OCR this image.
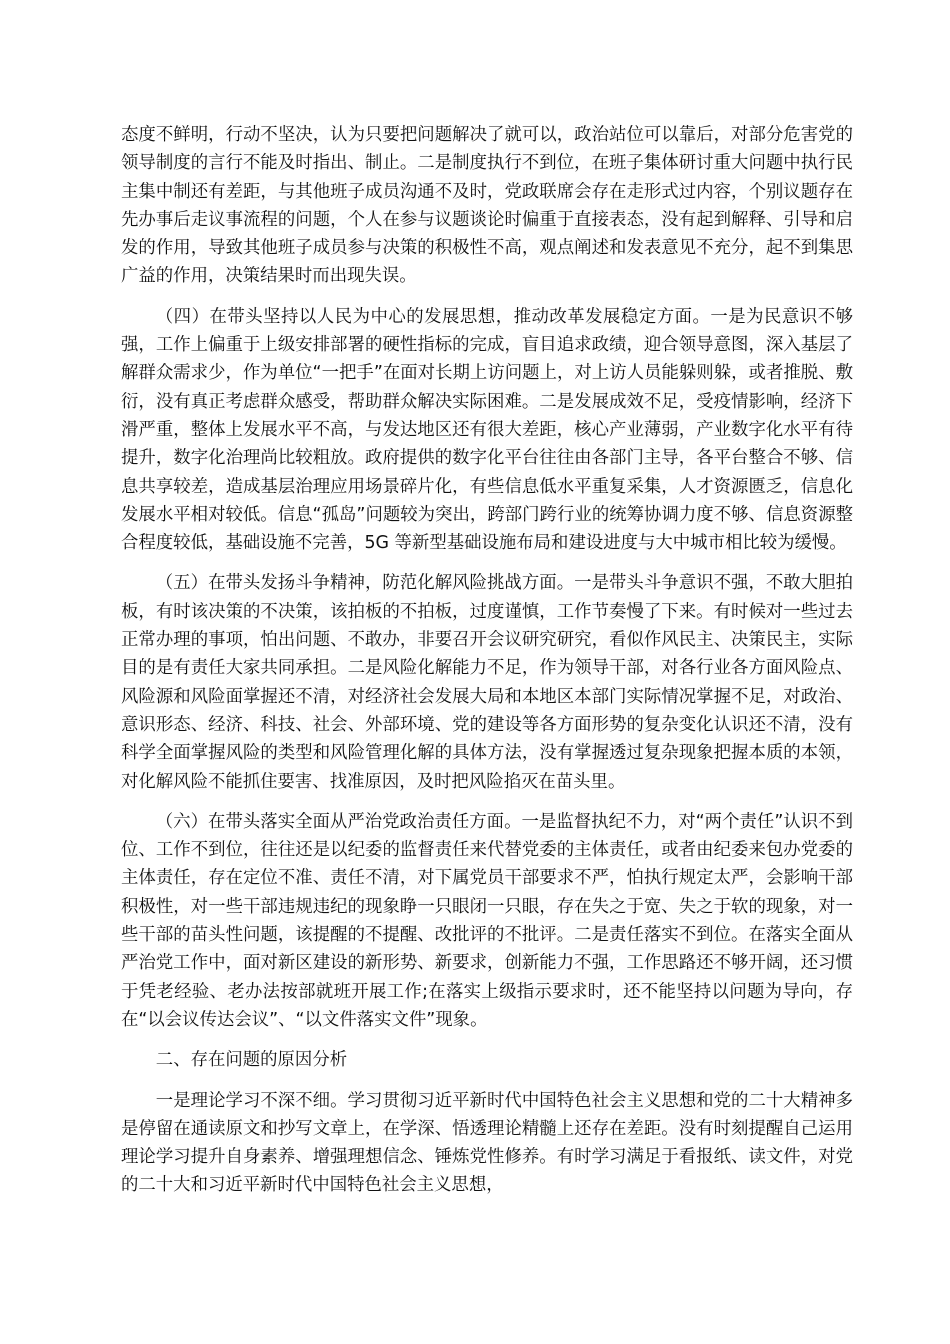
态度不鲜明，行动不坚决，认为只要把问题解决了就可以，政治站位可以靠后，对部分危害党的领导制度的言行不能及时指出、制止。二是制度执行不到位，在班子集体研讨重大问题中执行民主集中制还有差距，与其他班子成员沟通不及时，党政联席会存在走形式过内容，个别议题存在先办事后走议事流程的问题，个人在参与议题谈论时偏重于直接表态，没有起到解释、引导和启发的作用，导致其他班子成员参与决策的积极性不高，观点阐述和发表意见不充分，起不到集思广益的作用，决策结果时而出现失误。

（四）在带头坚持以人民为中心的发展思想，推动改革发展稳定方面。一是为民意识不够强，工作上偏重于上级安排部署的硬性指标的完成，盲目追求政绩，迎合领导意图，深入基层了解群众需求少，作为单位“一把手”在面对长期上访问题上，对上访人员能躲则躲，或者推脱、敷衍，没有真正考虑群众感受，帮助群众解决实际困难。二是发展成效不足，受疫情影响，经济下滑严重，整体上发展水平不高，与发达地区还有很大差距，核心产业薄弱，产业数字化水平有待提升，数字化治理尚比较粗放。政府提供的数字化平台往往由各部门主导，各平台整合不够、信息共享较差，造成基层治理应用场景碎片化，有些信息低水平重复采集，人才资源匮乏，信息化发展水平相对较低。信息“孤岛”问题较为突出，跨部门跨行业的统筹协调力度不够、信息资源整合程度较低，基础设施不完善，5G 等新型基础设施布局和建设进度与大中城市相比较为缓慢。

（五）在带头发扬斗争精神，防范化解风险挑战方面。一是带头斗争意识不强，不敢大胆拍板，有时该决策的不决策，该拍板的不拍板，过度谨慎，工作节奏慢了下来。有时候对一些过去正常办理的事项，怕出问题、不敢办，非要召开会议研究研究，看似作风民主、决策民主，实际目的是有责任大家共同承担。二是风险化解能力不足，作为领导干部，对各行业各方面风险点、风险源和风险面掌握还不清，对经济社会发展大局和本地区本部门实际情况掌握不足，对政治、意识形态、经济、科技、社会、外部环境、党的建设等各方面形势的复杂变化认识还不清，没有科学全面掌握风险的类型和风险管理化解的具体方法，没有掌握透过复杂现象把握本质的本领，对化解风险不能抓住要害、找准原因，及时把风险掐灭在苗头里。

（六）在带头落实全面从严治党政治责任方面。一是监督执纪不力，对“两个责任”认识不到位、工作不到位，往往还是以纪委的监督责任来代替党委的主体责任，或者由纪委来包办党委的主体责任，存在定位不准、责任不清，对下属党员干部要求不严，怕执行规定太严，会影响干部积极性，对一些干部违规违纪的现象睁一只眼闭一只眼，存在失之于宽、失之于软的现象，对一些干部的苗头性问题，该提醒的不提醒、改批评的不批评。二是责任落实不到位。在落实全面从严治党工作中，面对新区建设的新形势、新要求，创新能力不强，工作思路还不够开阔，还习惯于凭老经验、老办法按部就班开展工作;在落实上级指示要求时，还不能坚持以问题为导向，存在“以会议传达会议”、“以文件落实文件”现象。

二、存在问题的原因分析

一是理论学习不深不细。学习贯彻习近平新时代中国特色社会主义思想和党的二十大精神多是停留在通读原文和抄写文章上，在学深、悟透理论精髓上还存在差距。没有时刻提醒自己运用理论学习提升自身素养、增强理想信念、锤炼党性修养。有时学习满足于看报纸、读文件，对党的二十大和习近平新时代中国特色社会主义思想，
